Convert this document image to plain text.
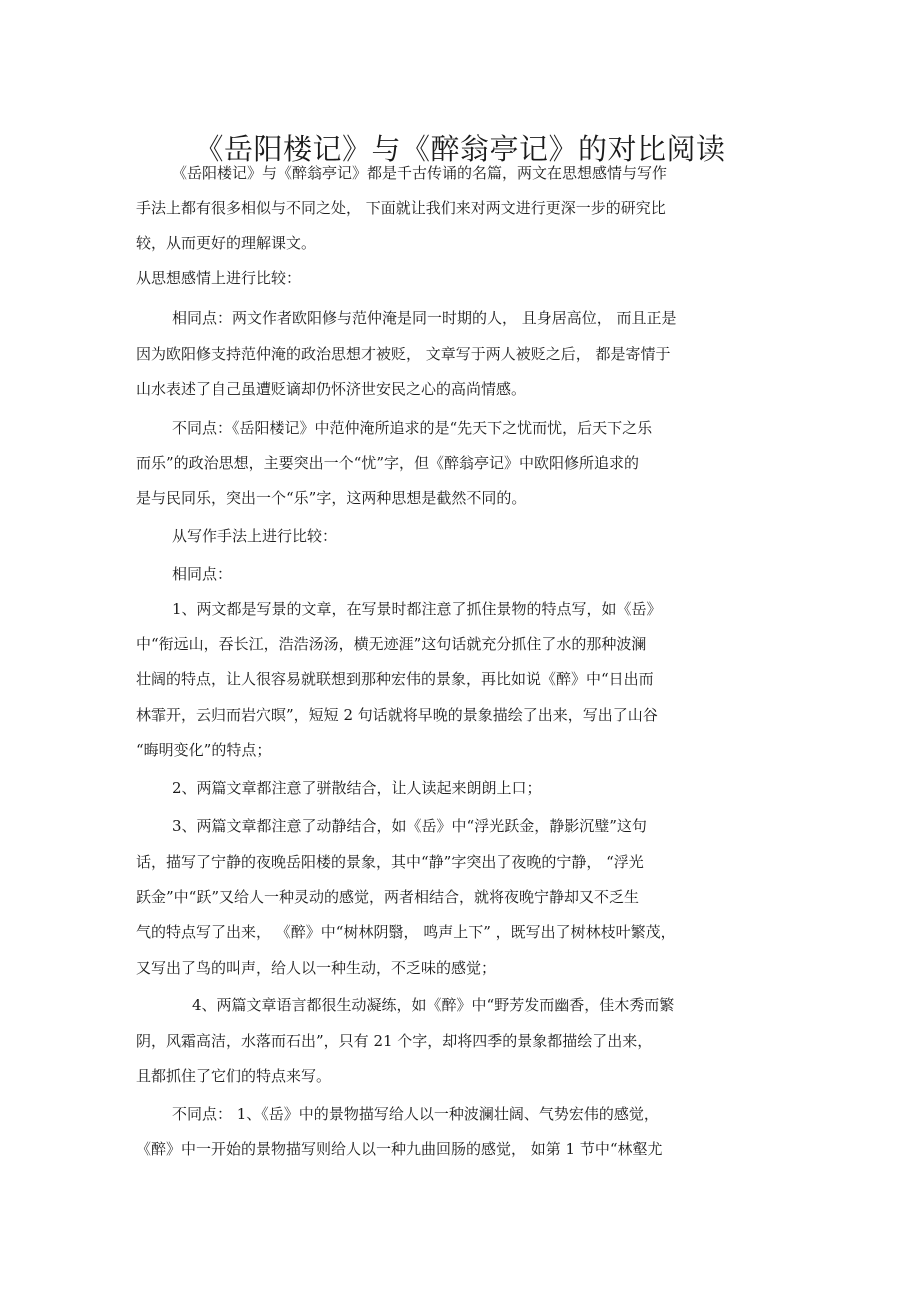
《岳阳楼记》与《醉翁亭记》的对比阅读
《岳阳楼记》与《醉翁亭记》都是千古传诵的名篇，两文在思想感情与写作
手法上都有很多相似与不同之处， 下面就让我们来对两文进行更深一步的研究比
较，从而更好的理解课文。
从思想感情上进行比较：
相同点：两文作者欧阳修与范仲淹是同一时期的人， 且身居高位， 而且正是
因为欧阳修支持范仲淹的政治思想才被贬， 文章写于两人被贬之后， 都是寄情于
山水表述了自己虽遭贬谪却仍怀济世安民之心的高尚情感。
不同点：《岳阳楼记》中范仲淹所追求的是“先天下之忧而忧，后天下之乐
而乐”的政治思想，主要突出一个“忧”字，但《醉翁亭记》中欧阳修所追求的
是与民同乐，突出一个“乐”字，这两种思想是截然不同的。
从写作手法上进行比较：
相同点：
1、两文都是写景的文章，在写景时都注意了抓住景物的特点写，如《岳》
中“衔远山，吞长江，浩浩汤汤，横无迹涯”这句话就充分抓住了水的那种波澜
壮阔的特点，让人很容易就联想到那种宏伟的景象，再比如说《醉》中“日出而
林霏开，云归而岩穴暝”，短短 2 句话就将早晚的景象描绘了出来，写出了山谷
“晦明变化”的特点；
2、两篇文章都注意了骈散结合，让人读起来朗朗上口；
3、两篇文章都注意了动静结合，如《岳》中“浮光跃金，静影沉璧”这句
话，描写了宁静的夜晚岳阳楼的景象，其中“静”字突出了夜晚的宁静， “浮光
跃金”中“跃”又给人一种灵动的感觉，两者相结合，就将夜晚宁静却又不乏生
气的特点写了出来， 《醉》中“树林阴翳， 鸣声上下” ，既写出了树林枝叶繁茂，
又写出了鸟的叫声，给人以一种生动，不乏味的感觉；
4、两篇文章语言都很生动凝练，如《醉》中“野芳发而幽香，佳木秀而繁
阴，风霜高洁，水落而石出”，只有 21 个字，却将四季的景象都描绘了出来，
且都抓住了它们的特点来写。
不同点： 1、《岳》中的景物描写给人以一种波澜壮阔、气势宏伟的感觉，
《醉》中一开始的景物描写则给人以一种九曲回肠的感觉， 如第 1 节中“林壑尤
